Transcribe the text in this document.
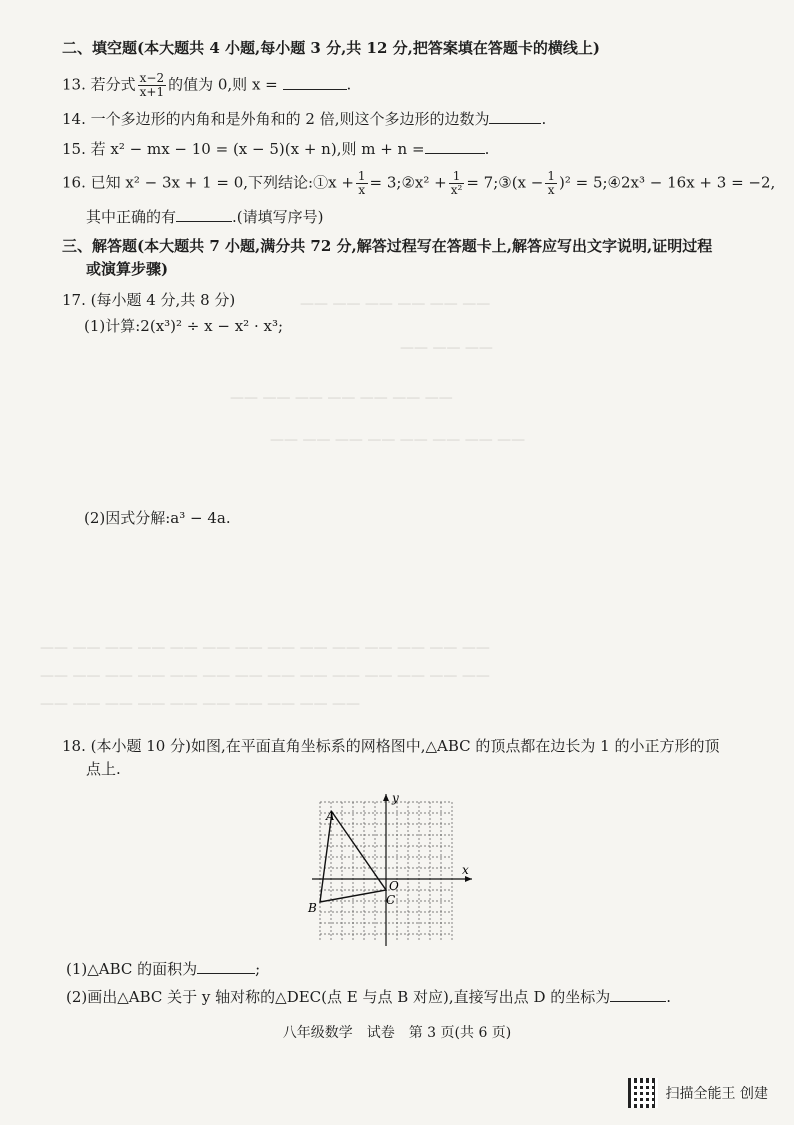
二、填空题(本大题共 4 小题,每小题 3 分,共 12 分,把答案填在答题卡的横线上)
13. 若分式 $\frac{x-2}{x+1}$ 的值为 0,则 x =	.
14. 一个多边形的内角和是外角和的 2 倍,则这个多边形的边数为	.
15. 若 x² − mx − 10 = (x − 5)(x + n),则 m + n =	.
16. 已知 x² − 3x + 1 = 0,下列结论:①x + $\frac{1}{x}$ = 3;②x² + $\frac{1}{\text{x²}}$ = 7;③(x − $\frac{1}{x} )^2$ = 5;④2x³ − 16x + 3 = −2,
其中正确的有	.(请填写序号)
三、解答题(本大题共 7 小题,满分共 72 分,解答过程写在答题卡上,解答应写出文字说明,证明过程
或演算步骤)
17. (每小题 4 分,共 8 分)
(1)计算:2(x³)² ÷ x − x² · x³;
—— —— —— —— —— ——
—— —— ——
—— —— —— —— —— —— ——
—— —— —— —— —— —— —— ——
—— —— —— —— —— —— —— —— —— —— —— —— —— ——
—— —— —— —— —— —— —— —— —— —— —— —— —— ——
—— —— —— —— —— —— —— —— —— ——
(2)因式分解:a³ − 4a.
18. (本小题 10 分)如图,在平面直角坐标系的网格图中,△ABC 的顶点都在边长为 1 的小正方形的顶
点上.
y
x
A
B
C
O
(1)△ABC 的面积为	;
(2)画出△ABC 关于 y 轴对称的△DEC(点 E 与点 B 对应),直接写出点 D 的坐标为	.
八年级数学　试卷　第 3 页(共 6 页)
扫描全能王 创建
